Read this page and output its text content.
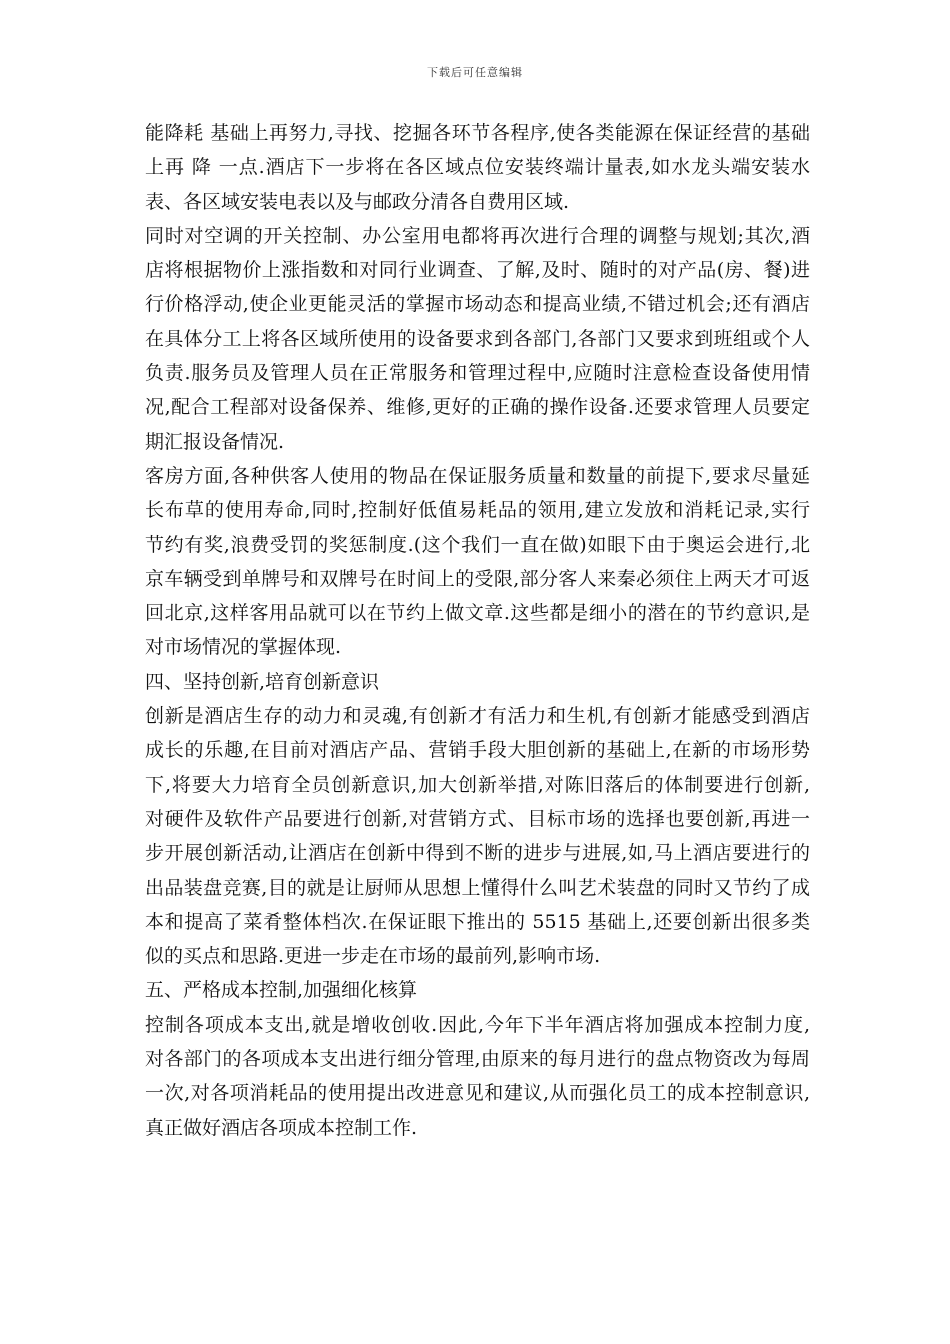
下载后可任意编辑
能降耗 基础上再努力,寻找、挖掘各环节各程序,使各类能源在保证经营的基础
上再 降 一点.酒店下一步将在各区域点位安装终端计量表,如水龙头端安装水
表、各区域安装电表以及与邮政分清各自费用区域.
同时对空调的开关控制、办公室用电都将再次进行合理的调整与规划;其次,酒
店将根据物价上涨指数和对同行业调查、了解,及时、随时的对产品(房、餐)进
行价格浮动,使企业更能灵活的掌握市场动态和提高业绩,不错过机会;还有酒店
在具体分工上将各区域所使用的设备要求到各部门,各部门又要求到班组或个人
负责.服务员及管理人员在正常服务和管理过程中,应随时注意检查设备使用情
况,配合工程部对设备保养、维修,更好的正确的操作设备.还要求管理人员要定
期汇报设备情况.
客房方面,各种供客人使用的物品在保证服务质量和数量的前提下,要求尽量延
长布草的使用寿命,同时,控制好低值易耗品的领用,建立发放和消耗记录,实行
节约有奖,浪费受罚的奖惩制度.(这个我们一直在做)如眼下由于奥运会进行,北
京车辆受到单牌号和双牌号在时间上的受限,部分客人来秦必须住上两天才可返
回北京,这样客用品就可以在节约上做文章.这些都是细小的潜在的节约意识,是
对市场情况的掌握体现.
四、坚持创新,培育创新意识
创新是酒店生存的动力和灵魂,有创新才有活力和生机,有创新才能感受到酒店
成长的乐趣,在目前对酒店产品、营销手段大胆创新的基础上,在新的市场形势
下,将要大力培育全员创新意识,加大创新举措,对陈旧落后的体制要进行创新,
对硬件及软件产品要进行创新,对营销方式、目标市场的选择也要创新,再进一
步开展创新活动,让酒店在创新中得到不断的进步与进展,如,马上酒店要进行的
出品装盘竞赛,目的就是让厨师从思想上懂得什么叫艺术装盘的同时又节约了成
本和提高了菜肴整体档次.在保证眼下推出的 5515 基础上,还要创新出很多类
似的买点和思路.更进一步走在市场的最前列,影响市场.
五、严格成本控制,加强细化核算
控制各项成本支出,就是增收创收.因此,今年下半年酒店将加强成本控制力度,
对各部门的各项成本支出进行细分管理,由原来的每月进行的盘点物资改为每周
一次,对各项消耗品的使用提出改进意见和建议,从而强化员工的成本控制意识,
真正做好酒店各项成本控制工作.
